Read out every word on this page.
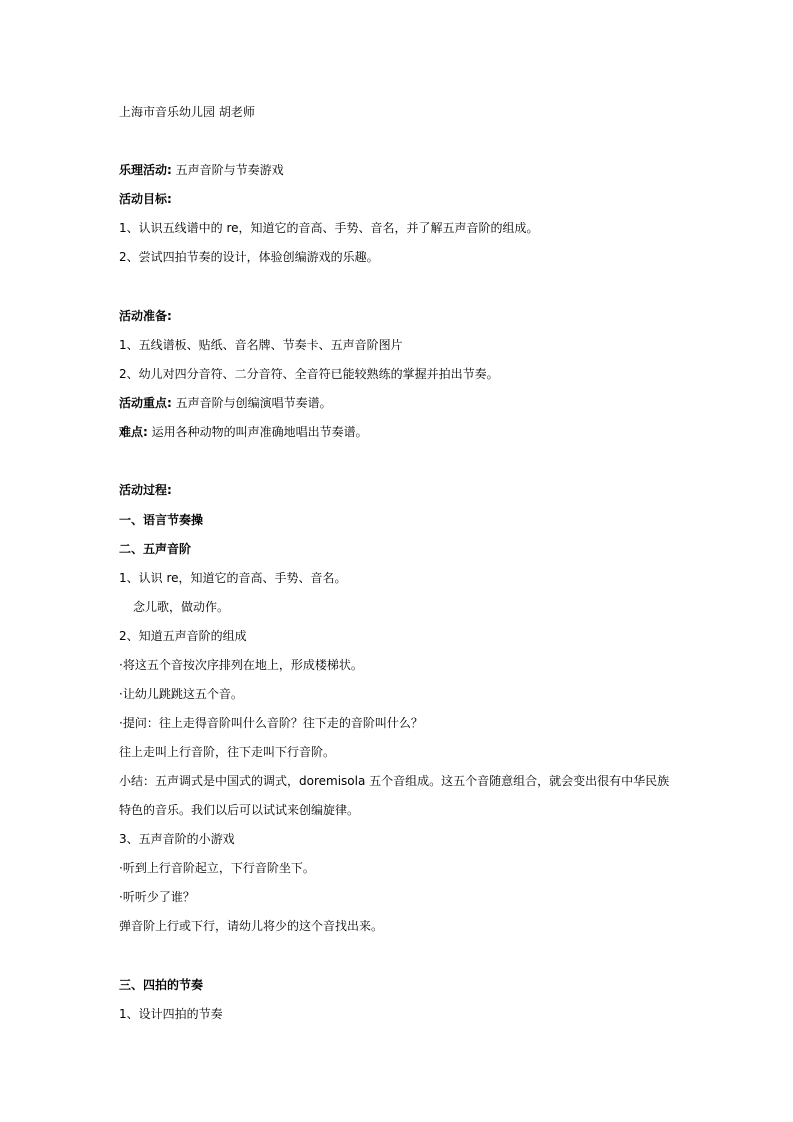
上海市音乐幼儿园 胡老师
乐理活动: 五声音阶与节奏游戏
活动目标:
1、认识五线谱中的 re，知道它的音高、手势、音名，并了解五声音阶的组成。
2、尝试四拍节奏的设计，体验创编游戏的乐趣。
活动准备:
1、五线谱板、贴纸、音名牌、节奏卡、五声音阶图片
2、幼儿对四分音符、二分音符、全音符已能较熟练的掌握并拍出节奏。
活动重点: 五声音阶与创编演唱节奏谱。
难点: 运用各种动物的叫声准确地唱出节奏谱。
活动过程:
一、语言节奏操
二、五声音阶
1、认识 re，知道它的音高、手势、音名。
念儿歌，做动作。
2、知道五声音阶的组成
·将这五个音按次序排列在地上，形成楼梯状。
·让幼儿跳跳这五个音。
·提问：往上走得音阶叫什么音阶？往下走的音阶叫什么？
往上走叫上行音阶，往下走叫下行音阶。
小结：五声调式是中国式的调式，doremisola 五个音组成。这五个音随意组合，就会变出很有中华民族
特色的音乐。我们以后可以试试来创编旋律。
3、五声音阶的小游戏
·听到上行音阶起立，下行音阶坐下。
·听听少了谁？
弹音阶上行或下行，请幼儿将少的这个音找出来。
三、四拍的节奏
1、设计四拍的节奏
